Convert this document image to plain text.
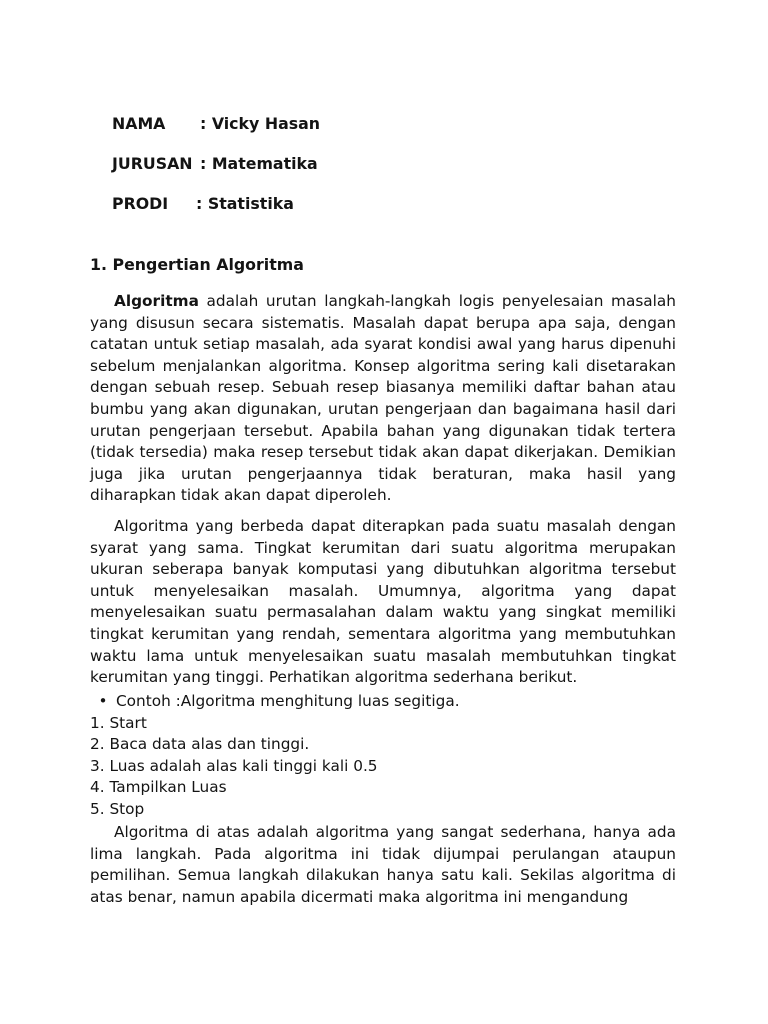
NAMA : Vicky Hasan

JURUSAN : Matematika

PRODI : Statistika

1. Pengertian Algoritma
Algoritma adalah urutan langkah-langkah logis penyelesaian masalah yang disusun secara sistematis. Masalah dapat berupa apa saja, dengan catatan untuk setiap masalah, ada syarat kondisi awal yang harus dipenuhi sebelum menjalankan algoritma. Konsep algoritma sering kali disetarakan dengan sebuah resep. Sebuah resep biasanya memiliki daftar bahan atau bumbu yang akan digunakan, urutan pengerjaan dan bagaimana hasil dari urutan pengerjaan tersebut. Apabila bahan yang digunakan tidak tertera (tidak tersedia) maka resep tersebut tidak akan dapat dikerjakan. Demikian juga jika urutan pengerjaannya tidak beraturan, maka hasil yang diharapkan tidak akan dapat diperoleh.
Algoritma yang berbeda dapat diterapkan pada suatu masalah dengan syarat yang sama. Tingkat kerumitan dari suatu algoritma merupakan ukuran seberapa banyak komputasi yang dibutuhkan algoritma tersebut untuk menyelesaikan masalah. Umumnya, algoritma yang dapat menyelesaikan suatu permasalahan dalam waktu yang singkat memiliki tingkat kerumitan yang rendah, sementara algoritma yang membutuhkan waktu lama untuk menyelesaikan suatu masalah membutuhkan tingkat kerumitan yang tinggi. Perhatikan algoritma sederhana berikut.
• Contoh :Algoritma menghitung luas segitiga.
1. Start
2. Baca data alas dan tinggi.
3. Luas adalah alas kali tinggi kali 0.5
4. Tampilkan Luas
5. Stop
Algoritma di atas adalah algoritma yang sangat sederhana, hanya ada lima langkah. Pada algoritma ini tidak dijumpai perulangan ataupun pemilihan. Semua langkah dilakukan hanya satu kali. Sekilas algoritma di atas benar, namun apabila dicermati maka algoritma ini mengandung
